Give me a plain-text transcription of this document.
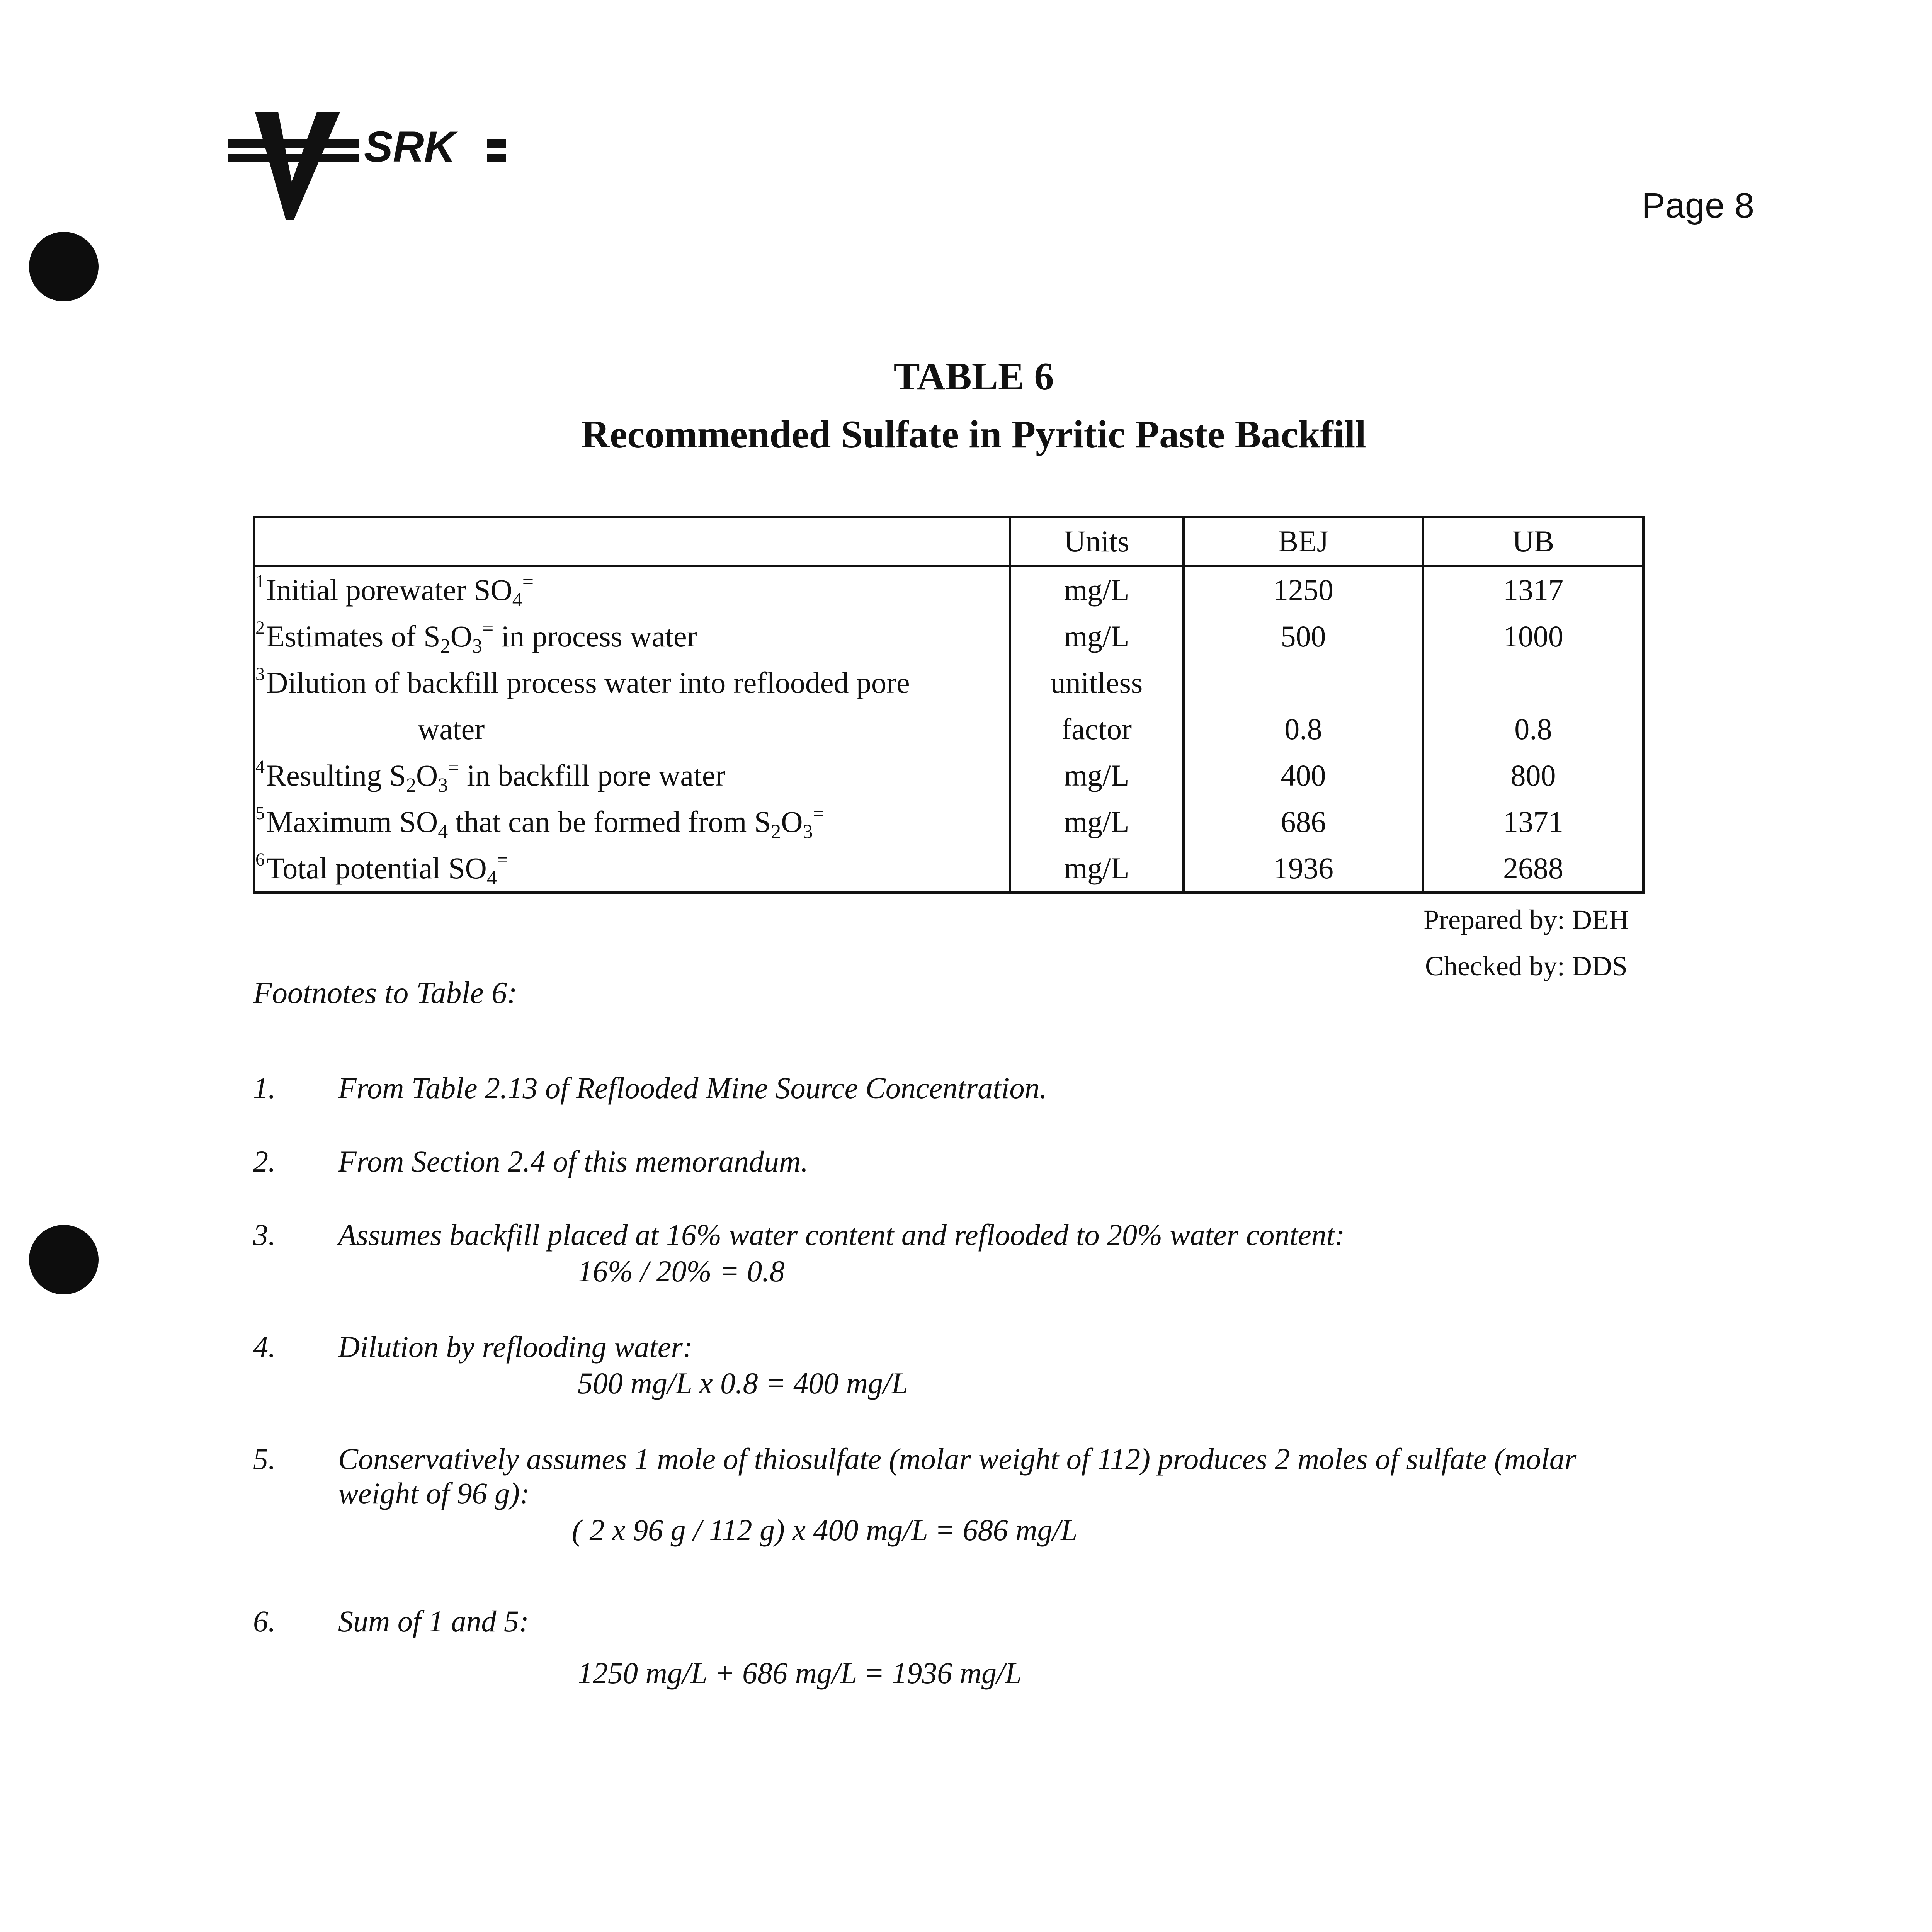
SRK
Page 8
TABLE 6
Recommended Sulfate in Pyritic Paste Backfill
	Units	BEJ	UB
$^1$Initial porewater $SO_4^=$	mg/L	1250	1317
$^2$Estimates of $S_2O_3^=$ in process water	mg/L	500	1000
$^3$Dilution of backfill process water into reflooded pore	unitless		
water	factor	0.8	0.8
$^4$Resulting $S_2O_3^=$ in backfill pore water	mg/L	400	800
$^5$Maximum $SO_4$ that can be formed from $S_2O_3^=$	mg/L	686	1371
$^6$Total potential $SO_4^=$	mg/L	1936	2688
Prepared by: DEH
Checked by: DDS
Footnotes to Table 6:
1.	From Table 2.13 of Reflooded Mine Source Concentration.
2.	From Section 2.4 of this memorandum.
3.	Assumes backfill placed at 16% water content and reflooded to 20% water content:
16% / 20% = 0.8
4.	Dilution by reflooding water:
500 mg/L x 0.8 = 400 mg/L
5.	Conservatively assumes 1 mole of thiosulfate (molar weight of 112) produces 2 moles of sulfate (molar
weight of 96 g):
( 2 x 96 g / 112 g) x 400 mg/L = 686 mg/L
6.	Sum of 1 and 5:
1250 mg/L + 686 mg/L = 1936 mg/L
